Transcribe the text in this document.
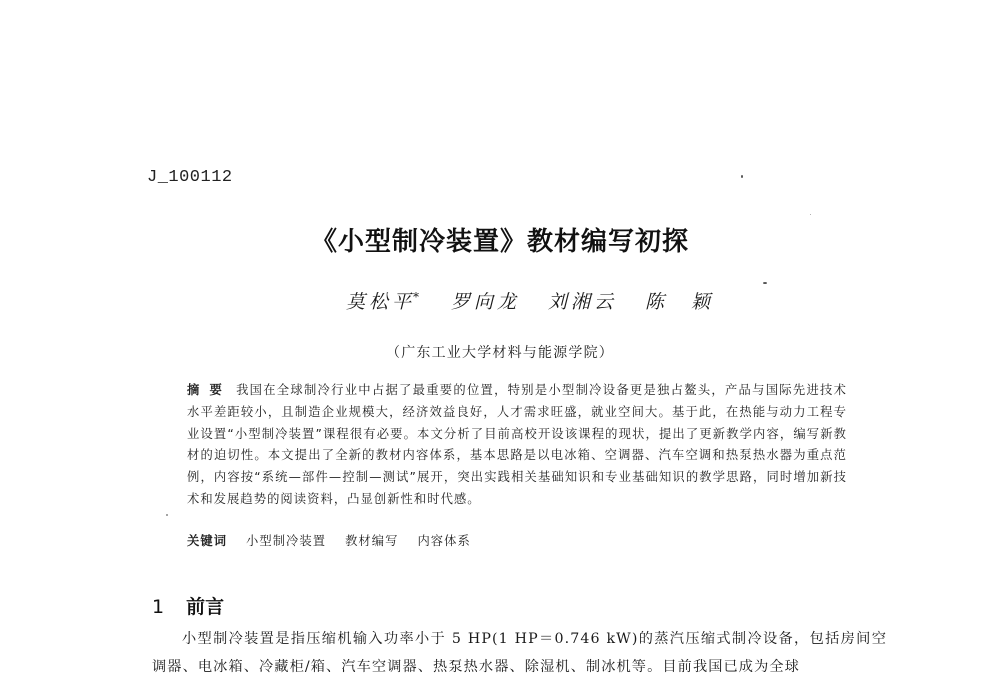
J_100112
《小型制冷装置》教材编写初探
莫松平* 罗向龙 刘湘云 陈　颖
（广东工业大学材料与能源学院）
摘要 我国在全球制冷行业中占据了最重要的位置，特别是小型制冷设备更是独占鳌头，产品与国际先进技术水平差距较小，且制造企业规模大，经济效益良好，人才需求旺盛，就业空间大。基于此，在热能与动力工程专业设置“小型制冷装置”课程很有必要。本文分析了目前高校开设该课程的现状，提出了更新教学内容，编写新教材的迫切性。本文提出了全新的教材内容体系，基本思路是以电冰箱、空调器、汽车空调和热泵热水器为重点范例，内容按“系统—部件—控制—测试”展开，突出实践相关基础知识和专业基础知识的教学思路，同时增加新技术和发展趋势的阅读资料，凸显创新性和时代感。
关键词 小型制冷装置 教材编写 内容体系
1 前言
小型制冷装置是指压缩机输入功率小于 5 HP(1 HP＝0.746 kW)的蒸汽压缩式制冷设备，包括房间空调器、电冰箱、冷藏柜/箱、汽车空调器、热泵热水器、除湿机、制冰机等。目前我国已成为全球
